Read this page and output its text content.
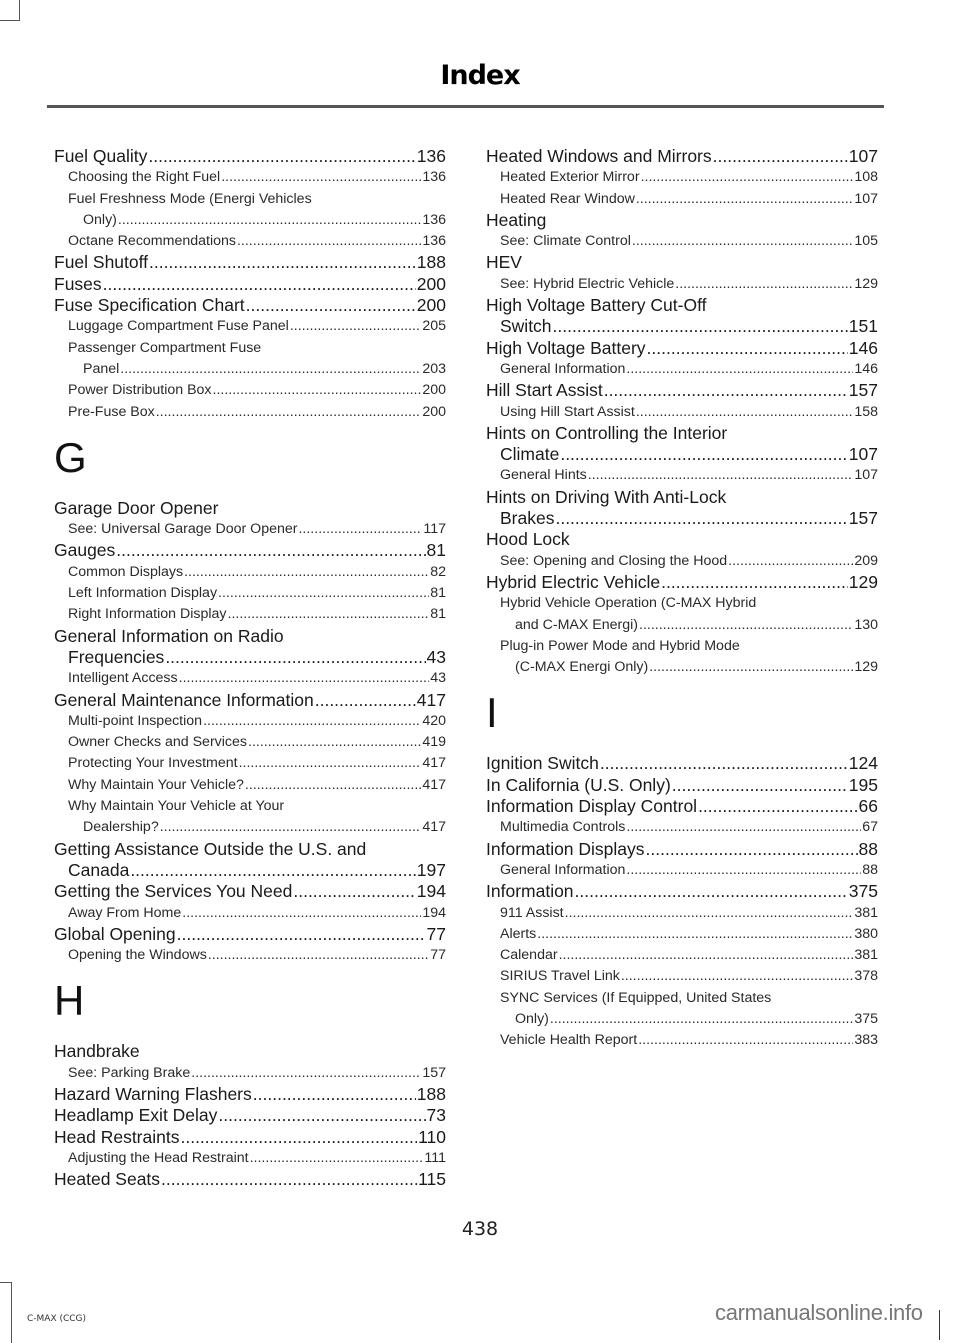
Index
Fuel Quality .....	136
Choosing the Right Fuel .....	136
Fuel Freshness Mode (Energi Vehicles
Only) .....	136
Octane Recommendations .....	136
Fuel Shutoff .....	188
Fuses .....	200
Fuse Specification Chart .....	200
Luggage Compartment Fuse Panel .....	205
Passenger Compartment Fuse
Panel .....	203
Power Distribution Box .....	200
Pre-Fuse Box .....	200
G
Garage Door Opener
See: Universal Garage Door Opener .....	117
Gauges .....	81
Common Displays .....	82
Left Information Display .....	81
Right Information Display .....	81
General Information on Radio
Frequencies .....	43
Intelligent Access .....	43
General Maintenance Information .....	417
Multi-point Inspection .....	420
Owner Checks and Services .....	419
Protecting Your Investment .....	417
Why Maintain Your Vehicle? .....	417
Why Maintain Your Vehicle at Your
Dealership? .....	417
Getting Assistance Outside the U.S. and
Canada .....	197
Getting the Services You Need .....	194
Away From Home .....	194
Global Opening .....	77
Opening the Windows .....	77
H
Handbrake
See: Parking Brake .....	157
Hazard Warning Flashers .....	188
Headlamp Exit Delay .....	73
Head Restraints .....	110
Adjusting the Head Restraint .....	111
Heated Seats .....	115
Heated Windows and Mirrors .....	107
Heated Exterior Mirror .....	108
Heated Rear Window .....	107
Heating
See: Climate Control .....	105
HEV
See: Hybrid Electric Vehicle .....	129
High Voltage Battery Cut-Off
Switch .....	151
High Voltage Battery .....	146
General Information .....	146
Hill Start Assist .....	157
Using Hill Start Assist .....	158
Hints on Controlling the Interior
Climate .....	107
General Hints .....	107
Hints on Driving With Anti-Lock
Brakes .....	157
Hood Lock
See: Opening and Closing the Hood .....	209
Hybrid Electric Vehicle .....	129
Hybrid Vehicle Operation (C-MAX Hybrid
and C-MAX Energi) .....	130
Plug-in Power Mode and Hybrid Mode
(C-MAX Energi Only) .....	129
I
Ignition Switch .....	124
In California (U.S. Only) .....	195
Information Display Control .....	66
Multimedia Controls .....	67
Information Displays .....	88
General Information .....	88
Information .....	375
911 Assist .....	381
Alerts .....	380
Calendar .....	381
SIRIUS Travel Link .....	378
SYNC Services (If Equipped, United States
Only) .....	375
Vehicle Health Report .....	383
438
C-MAX (CCG)	carmanualsonline.info
